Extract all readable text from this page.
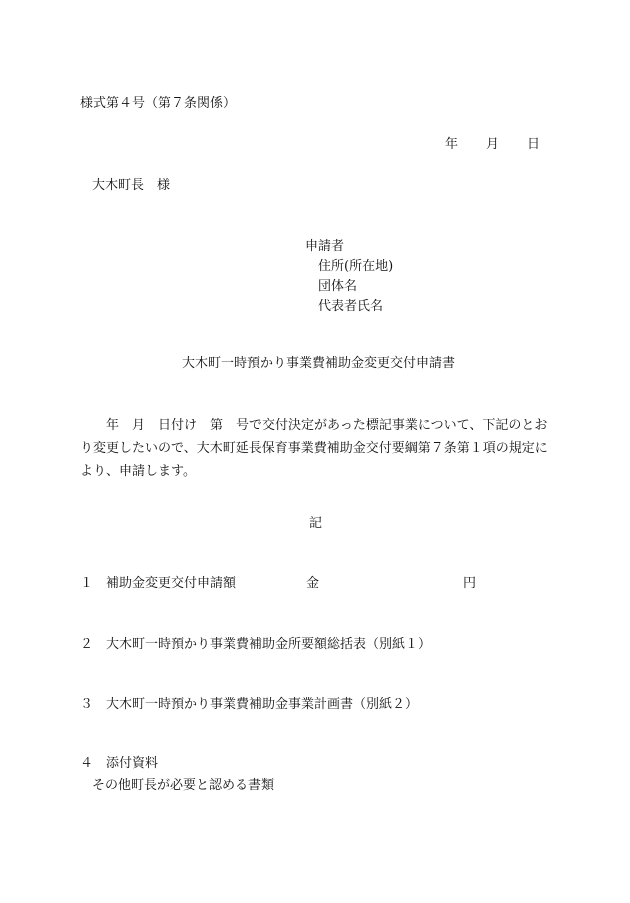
様式第４号（第７条関係）
年 月 日
大木町長　様
申請者
住所(所在地)
団体名
代表者氏名
大木町一時預かり事業費補助金変更交付申請書

　　年　月　日付け　第　号で交付決定があった標記事業について、下記のとおり変更したいので、大木町延長保育事業費補助金交付要綱第７条第１項の規定により、申請します。

記
１ 補助金変更交付申請額	金	円
２ 大木町一時預かり事業費補助金所要額総括表（別紙１）
３ 大木町一時預かり事業費補助金事業計画書（別紙２）
４ 添付資料
その他町長が必要と認める書類
